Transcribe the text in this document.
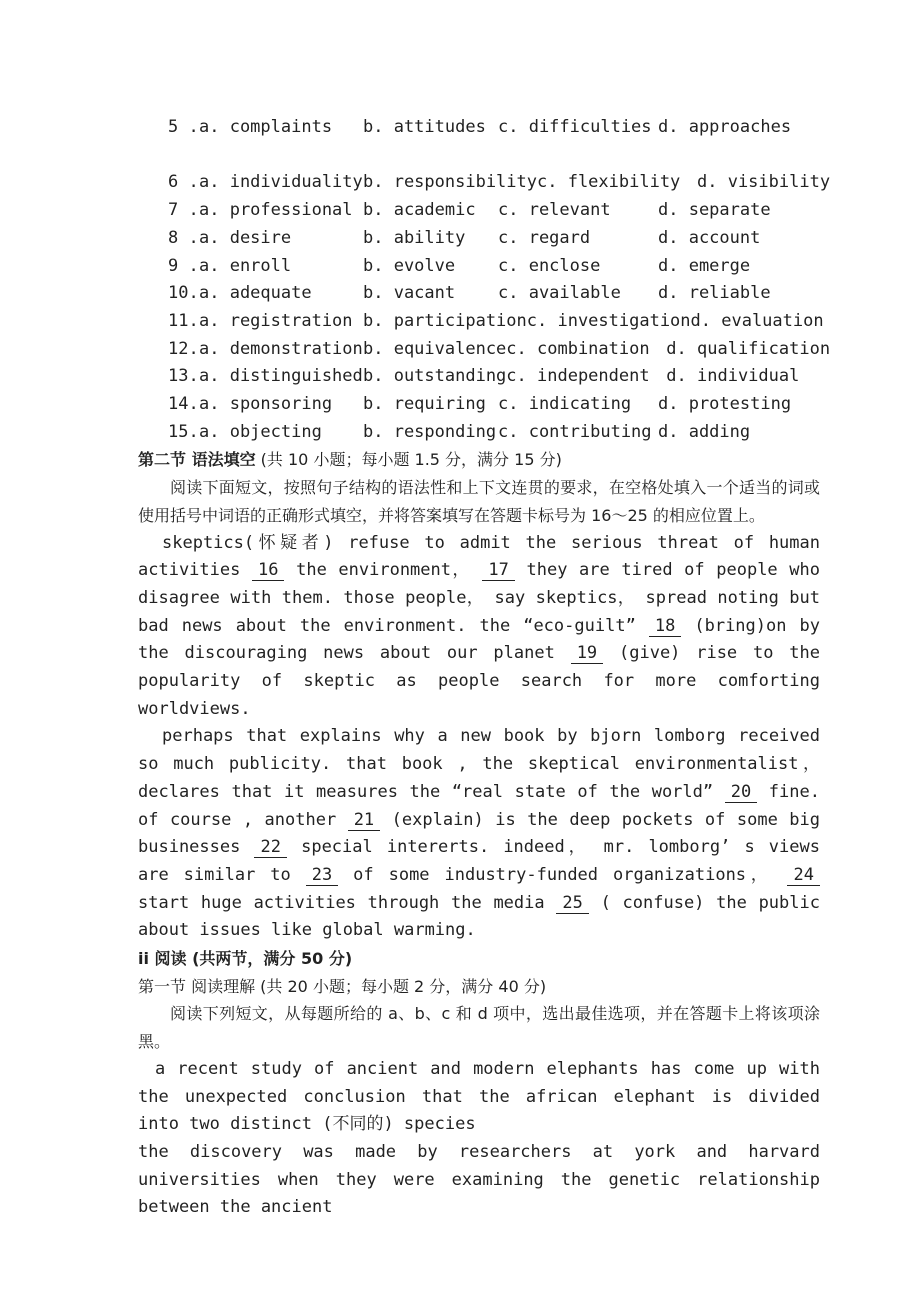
5 . a. complaints	b. attitudes c. difficulties d. approaches
6 . a. individuality b. responsibility c. flexibility d. visibility
7 . a. professional b. academic	c. relevant	d. separate
8 . a. desire	b. ability	c. regard	d. account
9 . a. enroll	b. evolve	c. enclose	d. emerge
10. a. adequate	b. vacant	c. available	d. reliable
11. a. registration b. participation c. investigation d. evaluation
12. a. demonstration b. equivalence c. combination d. qualification
13. a. distinguished b. outstanding c. independent d. individual
14. a. sponsoring	b. requiring c. indicating	d. protesting
15. a. objecting	b. responding c. contributing d. adding
第二节 语法填空 (共 10 小题；每小题 1.5 分，满分 15 分)

阅读下面短文，按照句子结构的语法性和上下文连贯的要求，在空格处填入一个适当的词或使用括号中词语的正确形式填空，并将答案填写在答题卡标号为 16～25 的相应位置上。

skeptics(怀疑者) refuse to admit the serious threat of human activities 16 the environment， 17 they are tired of people who disagree with them. those people， say skeptics， spread noting but bad news about the environment. the “eco-guilt” 18 (bring)on by the discouraging news about our planet 19 (give) rise to the popularity of skeptic as people search for more comforting worldviews.

perhaps that explains why a new book by bjorn lomborg received so much publicity. that book , the skeptical environmentalist， declares that it measures the “real state of the world” 20 fine. of course , another 21 (explain) is the deep pockets of some big businesses 22 special intererts. indeed， mr. lomborg’ s views are similar to 23 of some industry-funded organizations， 24 start huge activities through the media 25 ( confuse) the public about issues like global warming.

ii 阅读 (共两节，满分 50 分)
第一节 阅读理解 (共 20 小题；每小题 2 分，满分 40 分)

阅读下列短文，从每题所给的 a、b、c 和 d 项中，选出最佳选项，并在答题卡上将该项涂黑。

a recent study of ancient and modern elephants has come up with the unexpected conclusion that the african elephant is divided into two distinct (不同的) species

the discovery was made by researchers at york and harvard universities when they were examining the genetic relationship between the ancient
